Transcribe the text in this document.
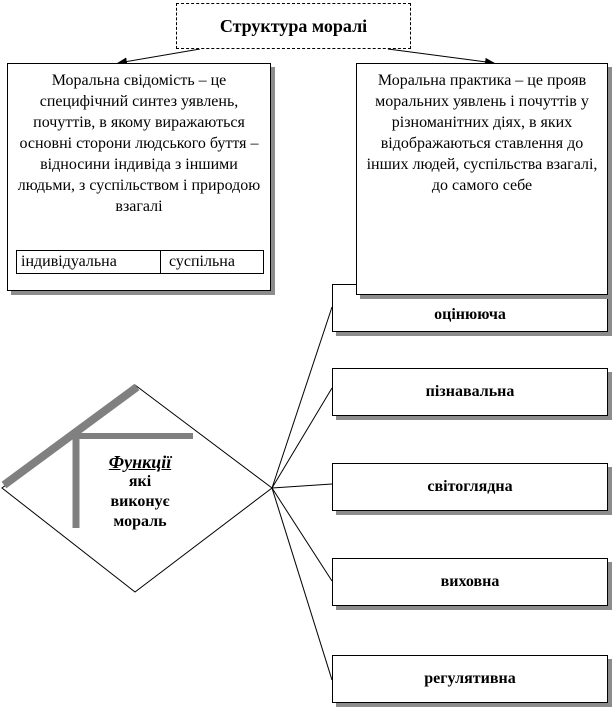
Структура моралі
Моральна свідомість – це специфічний синтез уявлень, почуттів, в якому виражаються основні сторони людського буття – відносини індивіда з іншими людьми, з суспільством і природою взагалі
індивідуальна	суспільна
оцінююча
пізнавальна
світоглядна
виховна
регулятивна
Моральна практика – це прояв моральних уявлень і почуттів у різноманітних діях, в яких відображаються ставлення до інших людей, суспільства взагалі, до самого себе
Функції
які
виконує
мораль
